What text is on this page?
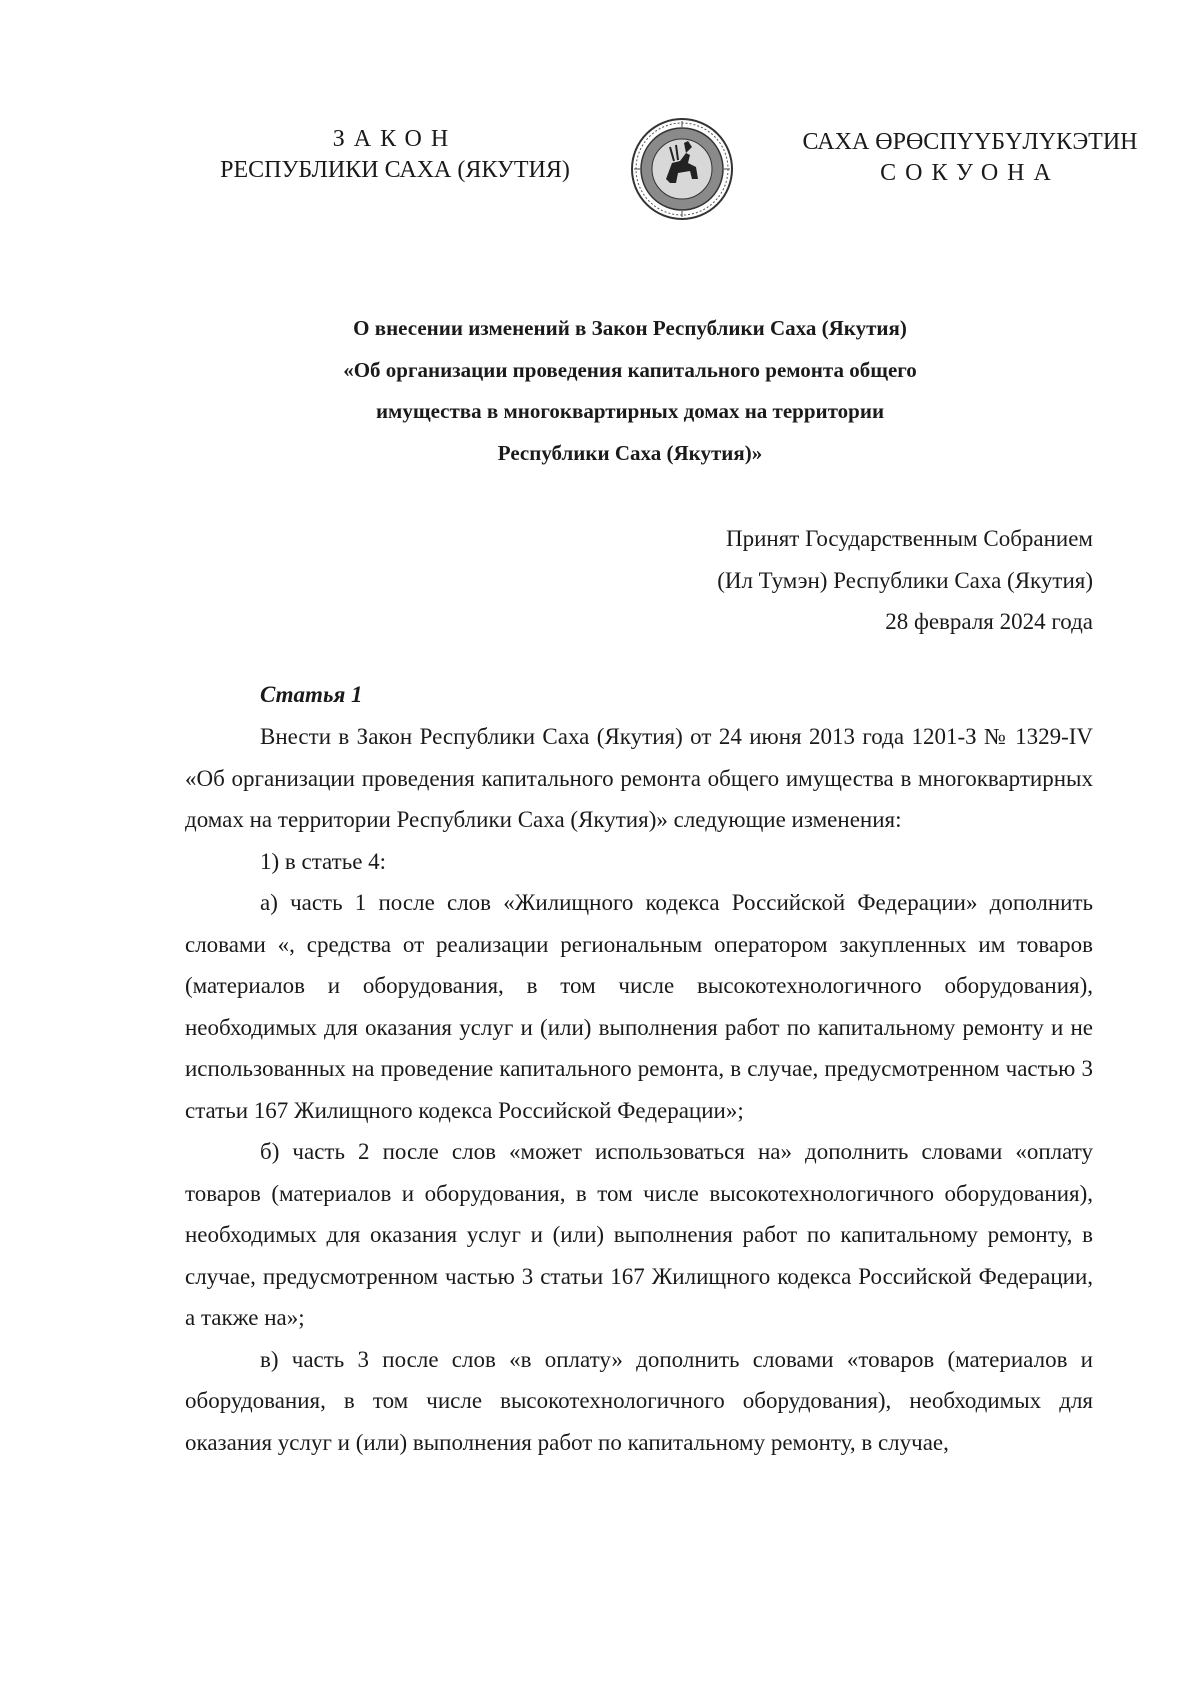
ЗАКОН
РЕСПУБЛИКИ САХА (ЯКУТИЯ)
САХА ӨРӨСПҮҮБҮЛҮКЭТИН
СОКУОНА
О внесении изменений в Закон Республики Саха (Якутия)
«Об организации проведения капитального ремонта общего
имущества в многоквартирных домах на территории
Республики Саха (Якутия)»
Принят Государственным Собранием
(Ил Тумэн) Республики Саха (Якутия)
28 февраля 2024 года
Статья 1

Внести в Закон Республики Саха (Якутия) от 24 июня 2013 года 1201-З № 1329-IV «Об организации проведения капитального ремонта общего имущества в многоквартирных домах на территории Республики Саха (Якутия)» следующие изменения:

1) в статье 4:

а) часть 1 после слов «Жилищного кодекса Российской Федерации» дополнить словами «, средства от реализации региональным оператором закупленных им товаров (материалов и оборудования, в том числе высокотехнологичного оборудования), необходимых для оказания услуг и (или) выполнения работ по капитальному ремонту и не использованных на проведение капитального ремонта, в случае, предусмотренном частью 3 статьи 167 Жилищного кодекса Российской Федерации»;

б) часть 2 после слов «может использоваться на» дополнить словами «оплату товаров (материалов и оборудования, в том числе высокотехнологичного оборудования), необходимых для оказания услуг и (или) выполнения работ по капитальному ремонту, в случае, предусмотренном частью 3 статьи 167 Жилищного кодекса Российской Федерации, а также на»;

в) часть 3 после слов «в оплату» дополнить словами «товаров (материалов и оборудования, в том числе высокотехнологичного оборудования), необходимых для оказания услуг и (или) выполнения работ по капитальному ремонту, в случае,
